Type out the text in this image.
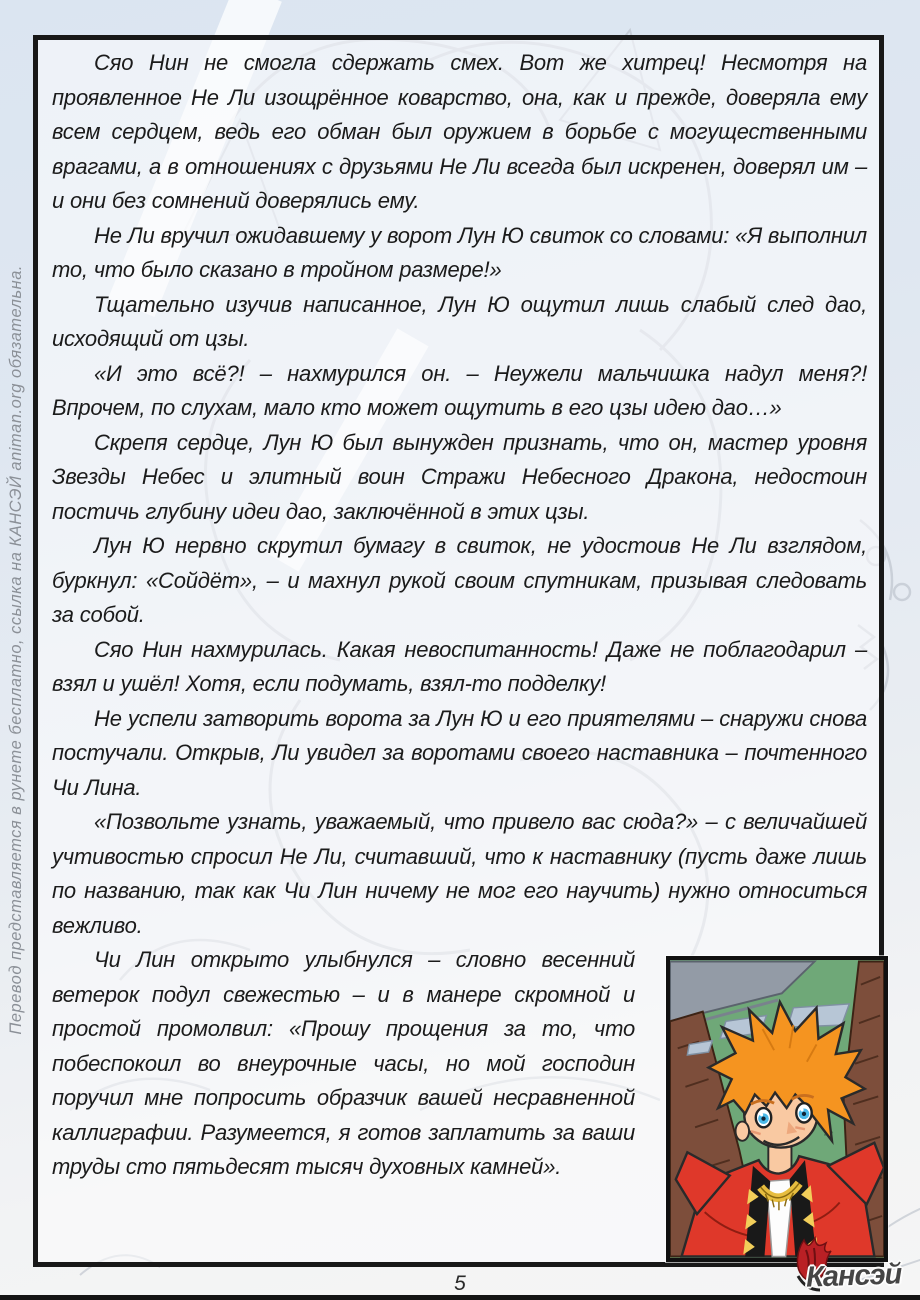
Перевод представляется в рунете бесплатно, ссылка на КАНСЭЙ animan.org обязательна.

Сяо Нин не смогла сдержать смех. Вот же хитрец! Несмотря на проявленное Не Ли изощрённое коварство, она, как и прежде, доверяла ему всем сердцем, ведь его обман был оружием в борьбе с могущественными врагами, а в отношениях с друзьями Не Ли всегда был искренен, доверял им – и они без сомнений доверялись ему.

Не Ли вручил ожидавшему у ворот Лун Ю свиток со словами: «Я выполнил то, что было сказано в тройном размере!»

Тщательно изучив написанное, Лун Ю ощутил лишь слабый след дао, исходящий от цзы.

«И это всё?! – нахмурился он. – Неужели мальчишка надул меня?! Впрочем, по слухам, мало кто может ощутить в его цзы идею дао…»

Скрепя сердце, Лун Ю был вынужден признать, что он, мастер уровня Звезды Небес и элитный воин Стражи Небесного Дракона, недостоин постичь глубину идеи дао, заключённой в этих цзы.

Лун Ю нервно скрутил бумагу в свиток, не удостоив Не Ли взглядом, буркнул: «Сойдёт», – и махнул рукой своим спутникам, призывая следовать за собой.

Сяо Нин нахмурилась. Какая невоспитанность! Даже не поблагодарил – взял и ушёл! Хотя, если подумать, взял-то подделку!

Не успели затворить ворота за Лун Ю и его приятелями – снаружи снова постучали. Открыв, Ли увидел за воротами своего наставника – почтенного Чи Лина.

«Позвольте узнать, уважаемый, что привело вас сюда?» – с величайшей учтивостью спросил Не Ли, считавший, что к наставнику (пусть даже лишь по названию, так как Чи Лин ничему не мог его научить) нужно относиться вежливо.

Чи Лин открыто улыбнулся – словно весенний ветерок подул свежестью – и в манере скромной и простой промолвил: «Прошу прощения за то, что побеспокоил во внеурочные часы, но мой господин поручил мне попросить образчик вашей несравненной каллиграфии. Разумеется, я готов заплатить за ваши труды сто пятьдесят тысяч духовных камней».

5	Кансэй
